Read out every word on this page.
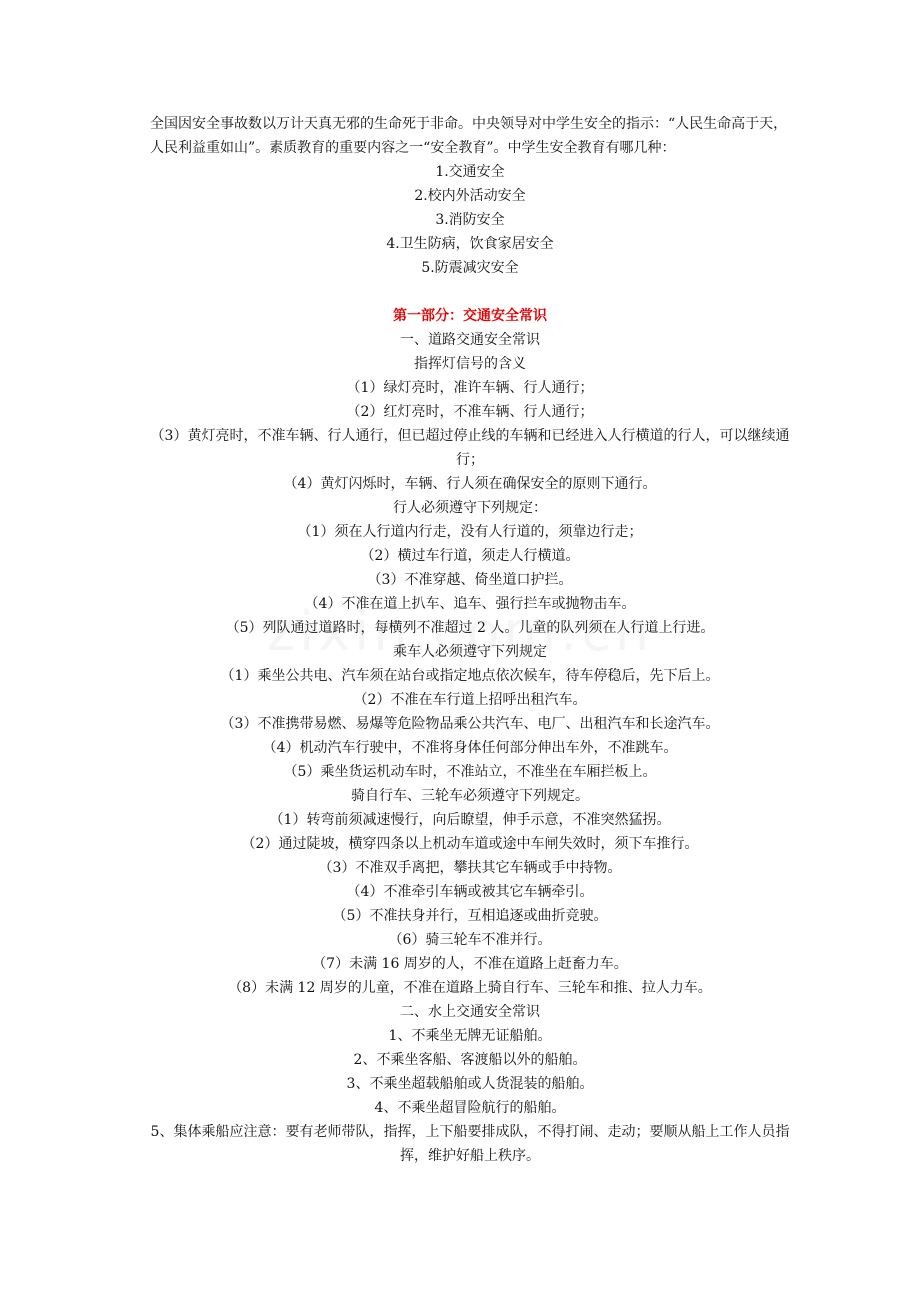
全国因安全事故数以万计天真无邪的生命死于非命。中央领导对中学生安全的指示：“人民生命高于天，人民利益重如山”。素质教育的重要内容之一“安全教育”。中学生安全教育有哪几种：

1.交通安全

2.校内外活动安全

3.消防安全

4.卫生防病，饮食家居安全

5.防震减灾安全

第一部分：交通安全常识

一、道路交通安全常识

指挥灯信号的含义

（1）绿灯亮时，准许车辆、行人通行；

（2）红灯亮时，不准车辆、行人通行；

（3）黄灯亮时，不准车辆、行人通行，但已超过停止线的车辆和已经进入人行横道的行人，可以继续通行；

（4）黄灯闪烁时，车辆、行人须在确保安全的原则下通行。

行人必须遵守下列规定：

（1）须在人行道内行走，没有人行道的，须靠边行走；

（2）横过车行道，须走人行横道。

（3）不准穿越、倚坐道口护拦。

（4）不准在道上扒车、追车、强行拦车或抛物击车。

（5）列队通过道路时，每横列不准超过 2 人。儿童的队列须在人行道上行进。

乘车人必须遵守下列规定

（1）乘坐公共电、汽车须在站台或指定地点依次候车，待车停稳后，先下后上。

（2）不准在车行道上招呼出租汽车。

（3）不准携带易燃、易爆等危险物品乘公共汽车、电厂、出租汽车和长途汽车。

（4）机动汽车行驶中，不准将身体任何部分伸出车外，不准跳车。

（5）乘坐货运机动车时，不准站立，不准坐在车厢拦板上。

骑自行车、三轮车必须遵守下列规定。

（1）转弯前须减速慢行，向后瞭望，伸手示意，不准突然猛拐。

（2）通过陡坡，横穿四条以上机动车道或途中车闸失效时，须下车推行。

（3）不准双手离把，攀扶其它车辆或手中持物。

（4）不准牵引车辆或被其它车辆牵引。

（5）不准扶身并行，互相追逐或曲折竞驶。

（6）骑三轮车不准并行。

（7）未满 16 周岁的人，不准在道路上赶畜力车。

（8）未满 12 周岁的儿童，不准在道路上骑自行车、三轮车和推、拉人力车。

二、水上交通安全常识

1、不乘坐无牌无证船舶。

2、不乘坐客船、客渡船以外的船舶。

3、不乘坐超载船舶或人货混装的船舶。

4、不乘坐超冒险航行的船舶。

5、集体乘船应注意：要有老师带队，指挥，上下船要排成队，不得打闹、走动；要顺从船上工作人员指挥，维护好船上秩序。
